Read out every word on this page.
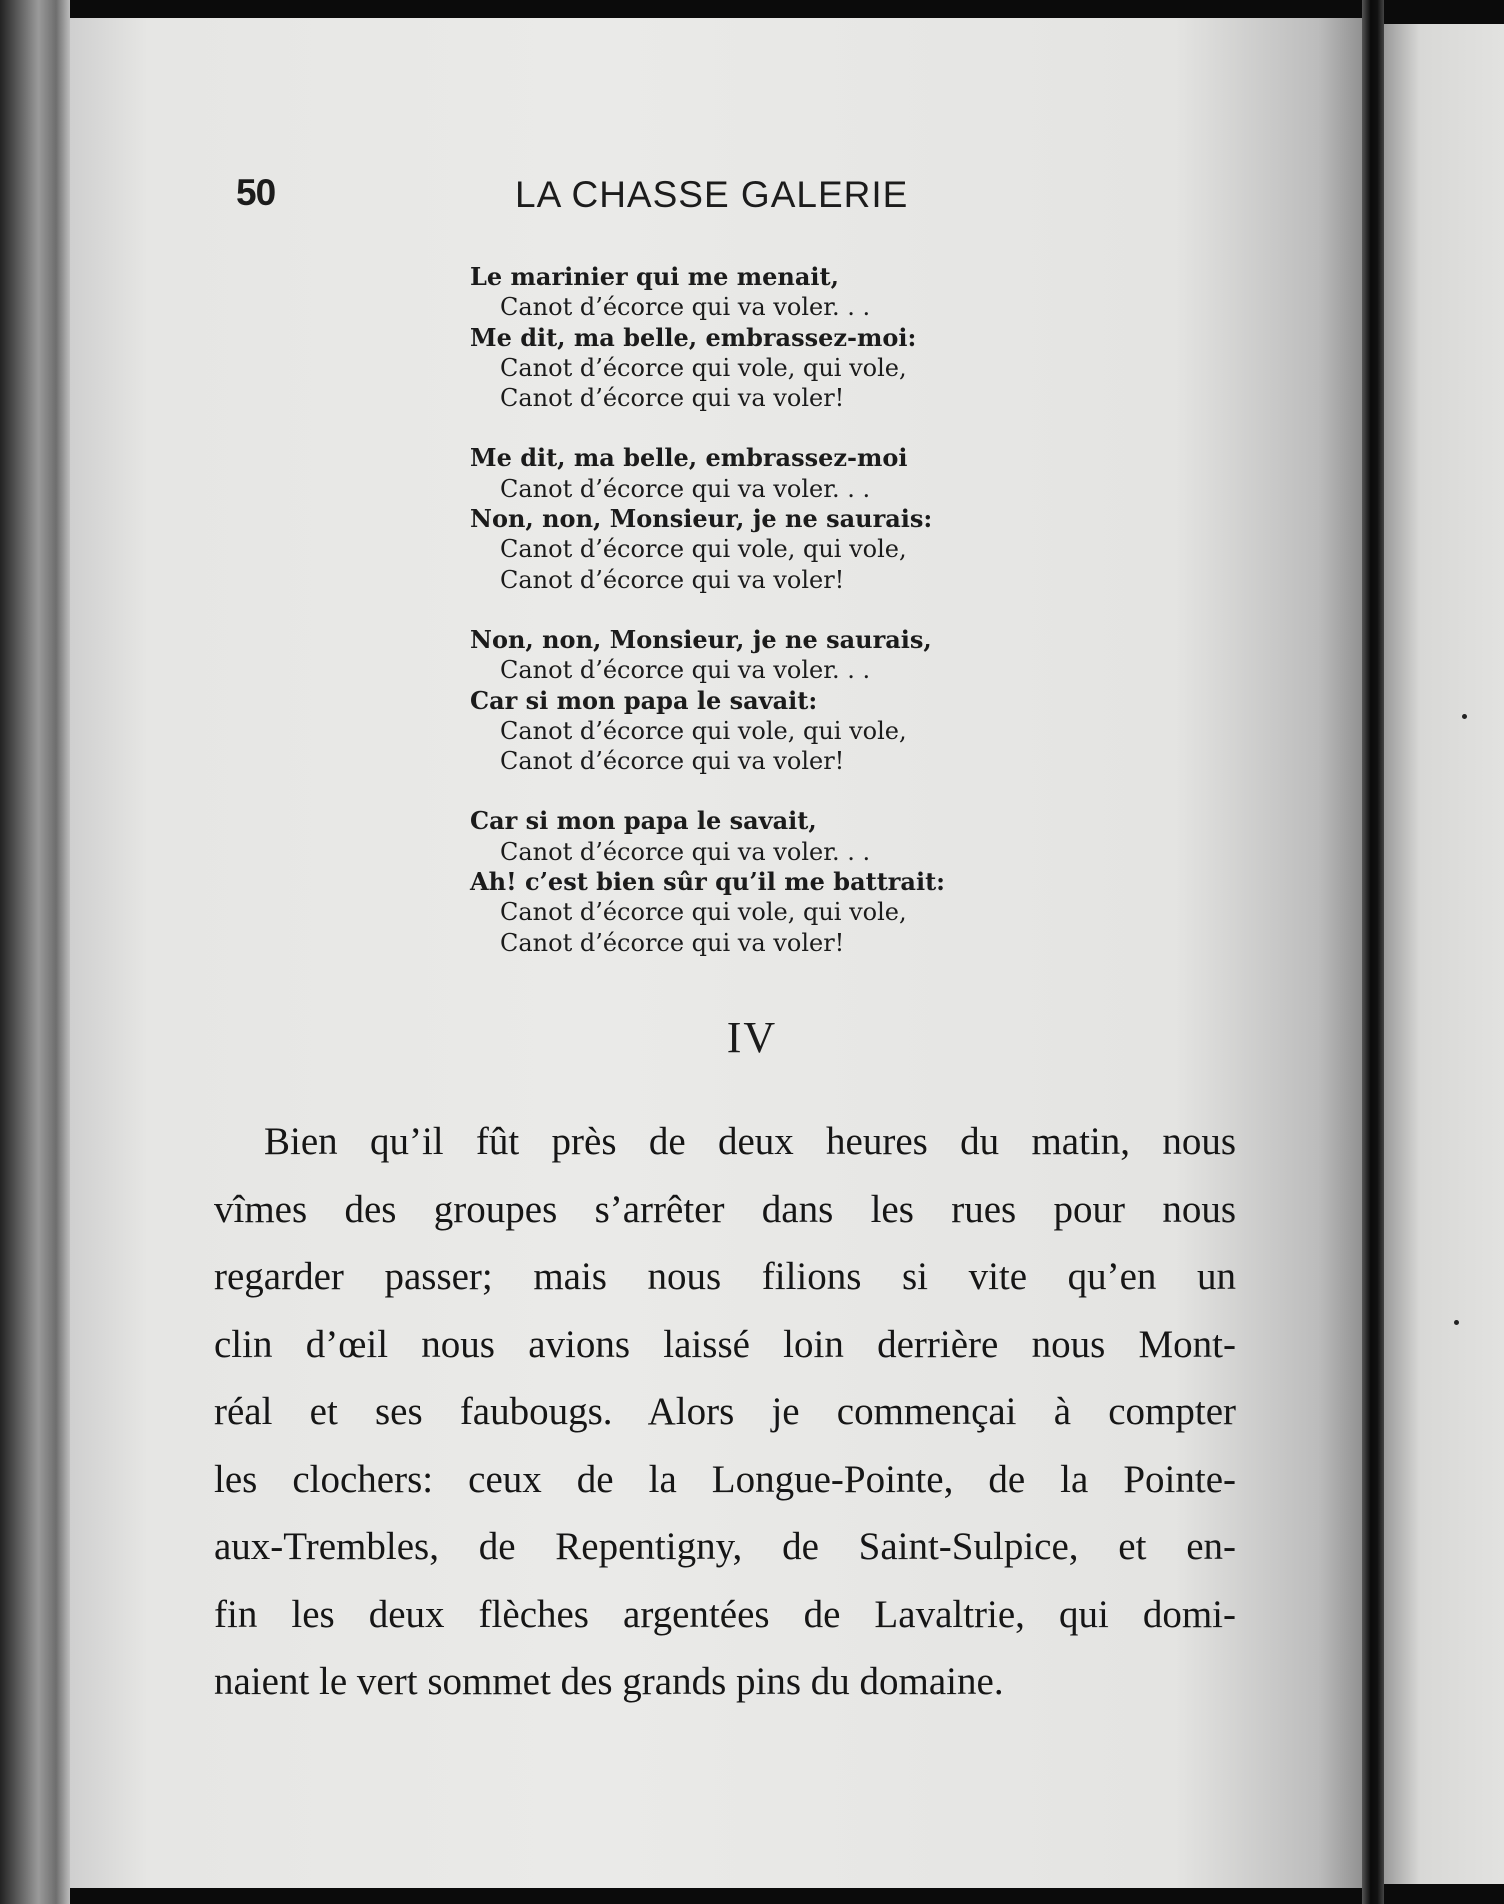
50	LA CHASSE GALERIE
Le marinier qui me menait,
Canot d’écorce qui va voler. . .
Me dit, ma belle, embrassez-moi:
Canot d’écorce qui vole, qui vole,
Canot d’écorce qui va voler!
Me dit, ma belle, embrassez-moi
Canot d’écorce qui va voler. . .
Non, non, Monsieur, je ne saurais:
Canot d’écorce qui vole, qui vole,
Canot d’écorce qui va voler!
Non, non, Monsieur, je ne saurais,
Canot d’écorce qui va voler. . .
Car si mon papa le savait:
Canot d’écorce qui vole, qui vole,
Canot d’écorce qui va voler!
Car si mon papa le savait,
Canot d’écorce qui va voler. . .
Ah! c’est bien sûr qu’il me battrait:
Canot d’écorce qui vole, qui vole,
Canot d’écorce qui va voler!
IV
Bien qu’il fût près de deux heures du matin, nous
vîmes des groupes s’arrêter dans les rues pour nous
regarder passer; mais nous filions si vite qu’en un
clin d’œil nous avions laissé loin derrière nous Mont-
réal et ses faubougs. Alors je commençai à compter
les clochers: ceux de la Longue-Pointe, de la Pointe-
aux-Trembles, de Repentigny, de Saint-Sulpice, et en-
fin les deux flèches argentées de Lavaltrie, qui domi-
naient le vert sommet des grands pins du domaine.
